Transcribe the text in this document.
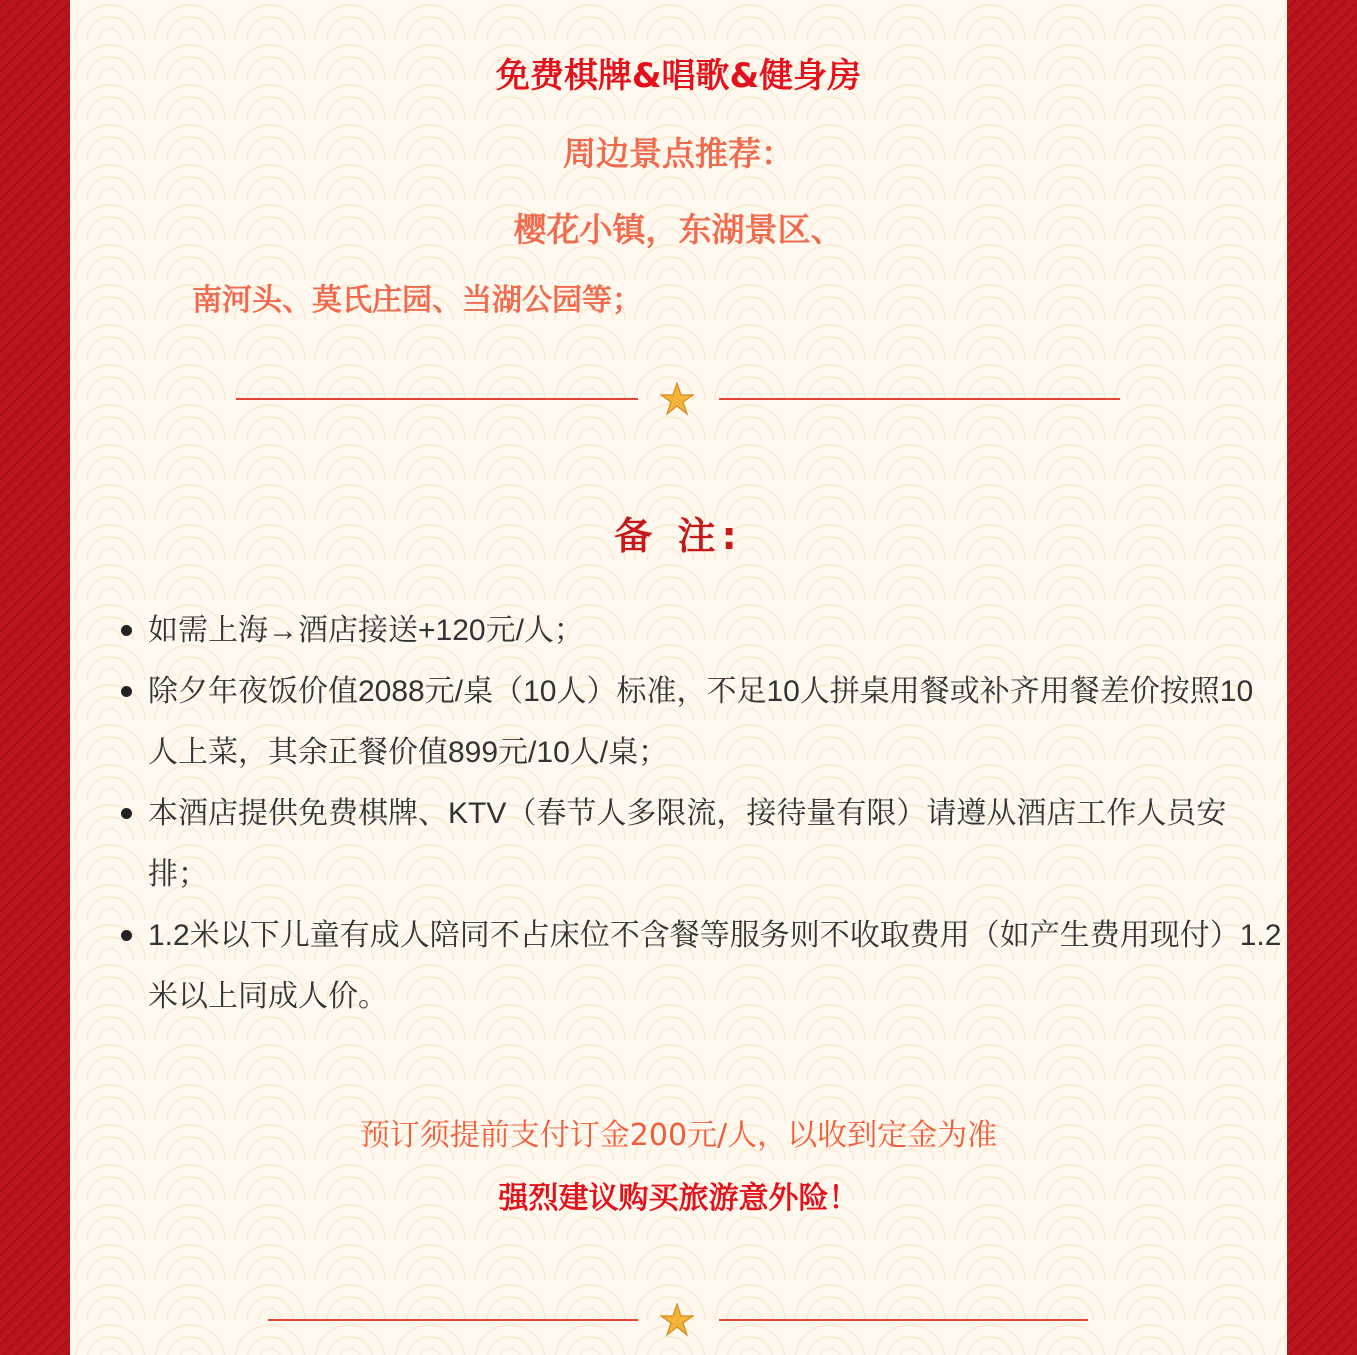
免费棋牌&唱歌&健身房

周边景点推荐：

樱花小镇，东湖景区、

南河头、莫氏庄园、当湖公园等；

备 注:

如需上海→酒店接送+120元/人；
除夕年夜饭价值2088元/桌（10人）标准，不足10人拼桌用餐或补齐用餐差价按照10人上菜，其余正餐价值899元/10人/桌；
本酒店提供免费棋牌、KTV（春节人多限流，接待量有限）请遵从酒店工作人员安排；
1.2米以下儿童有成人陪同不占床位不含餐等服务则不收取费用（如产生费用现付）1.2米以上同成人价。

预订须提前支付订金200元/人，以收到定金为准

强烈建议购买旅游意外险！
